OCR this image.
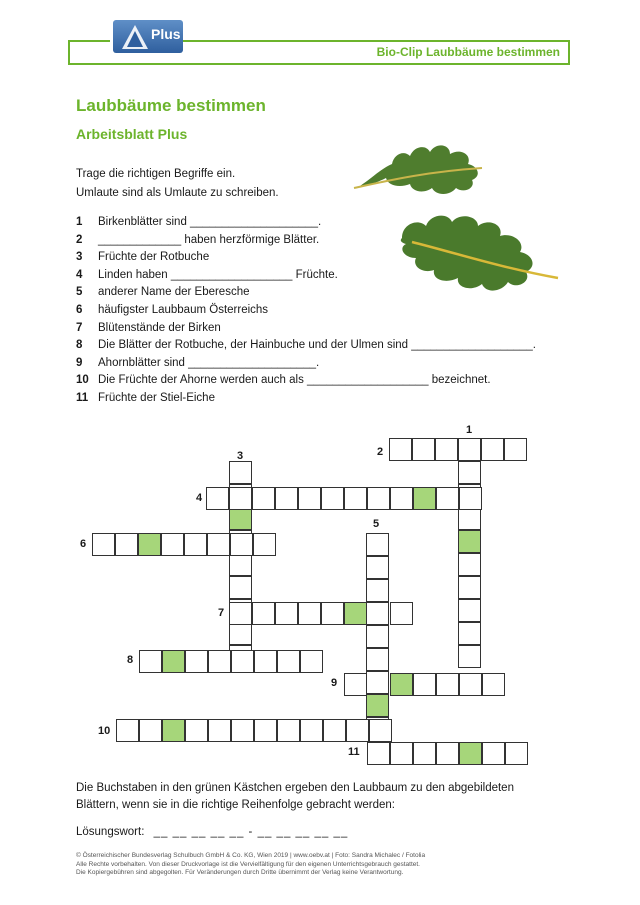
Bio-Clip Laubbäume bestimmen
Plus
Laubbäume bestimmen
Arbeitsblatt Plus
Trage die richtigen Begriffe ein.
Umlaute sind als Umlaute zu schreiben.
1 Birkenblätter sind ____________________.
2 _____________ haben herzförmige Blätter.
3 Früchte der Rotbuche
4 Linden haben ___________________ Früchte.
5 anderer Name der Eberesche
6 häufigster Laubbaum Österreichs
7 Blütenstände der Birken
8 Die Blätter der Rotbuche, der Hainbuche und der Ulmen sind ___________________.
9 Ahornblätter sind ____________________.
10 Die Früchte der Ahorne werden auch als ___________________ bezeichnet.
11 Früchte der Stiel-Eiche
1
2
3
4
5
6
7
8
9
10
11
Die Buchstaben in den grünen Kästchen ergeben den Laubbaum zu den abgebildeten
Blättern, wenn sie in die richtige Reihenfolge gebracht werden:
Lösungswort: __ __ __ __ __ - __ __ __ __ __
© Österreichischer Bundesverlag Schulbuch GmbH & Co. KG, Wien 2019 | www.oebv.at | Foto: Sandra Michalec / Fotolia
Alle Rechte vorbehalten. Von dieser Druckvorlage ist die Vervielfältigung für den eigenen Unterrichtsgebrauch gestattet.
Die Kopiergebühren sind abgegolten. Für Veränderungen durch Dritte übernimmt der Verlag keine Verantwortung.
